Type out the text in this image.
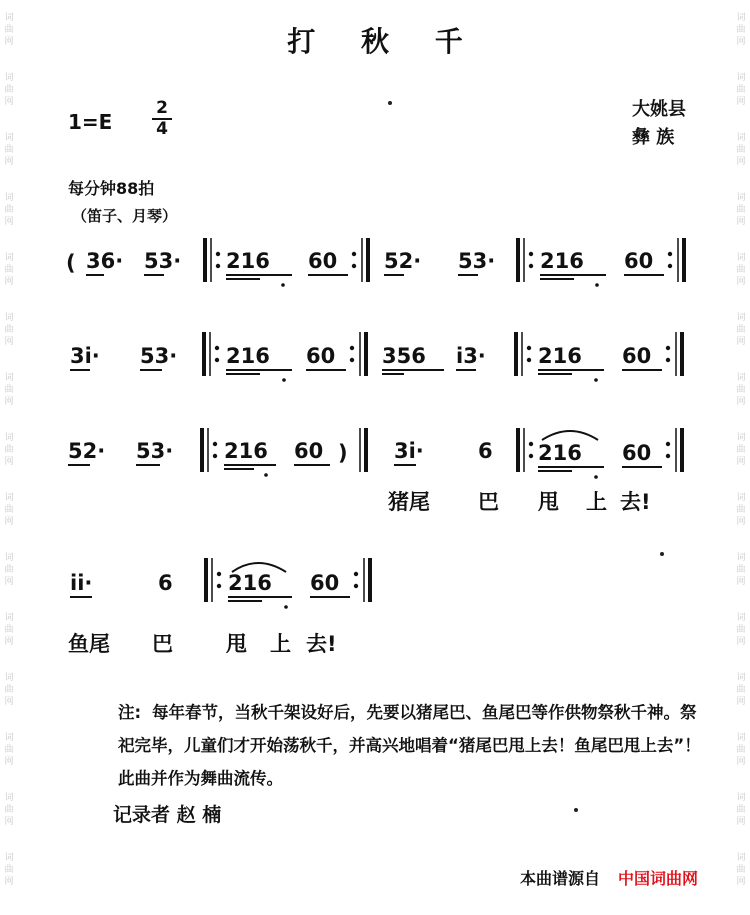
词
曲
网
词
曲
网
词
曲
网
词
曲
网
词
曲
网
词
曲
网
词
曲
网
词
曲
网
词
曲
网
词
曲
网
词
曲
网
词
曲
网
词
曲
网
词
曲
网
词
曲
网
词
曲
网
词
曲
网
词
曲
网
词
曲
网
词
曲
网
词
曲
网
词
曲
网
词
曲
网
词
曲
网
词
曲
网
词
曲
网
词
曲
网
词
曲
网
词
曲
网
词
曲
网
打 秋 千
1=E
2
4
大姚县
彝 族
每分钟88拍
（笛子、月琴）
( 36· 53· 216 60 52· 53· 216 60
3i· 53· 216 60 356 i3· 216 60
52· 53· 216 60 ) 3i·	6 216 60
ii·	6	216 60
猪尾 巴 甩 上 去!
鱼尾 巴	甩 上 去!
注: 每年春节，当秋千架设好后，先要以猪尾巴、鱼尾巴等作供物祭秋千神。祭祀完毕，儿童们才开始荡秋千，并高兴地唱着“猪尾巴甩上去！鱼尾巴甩上去”！此曲并作为舞曲流传。
记录者 赵 楠
本曲谱源自 中国词曲网
